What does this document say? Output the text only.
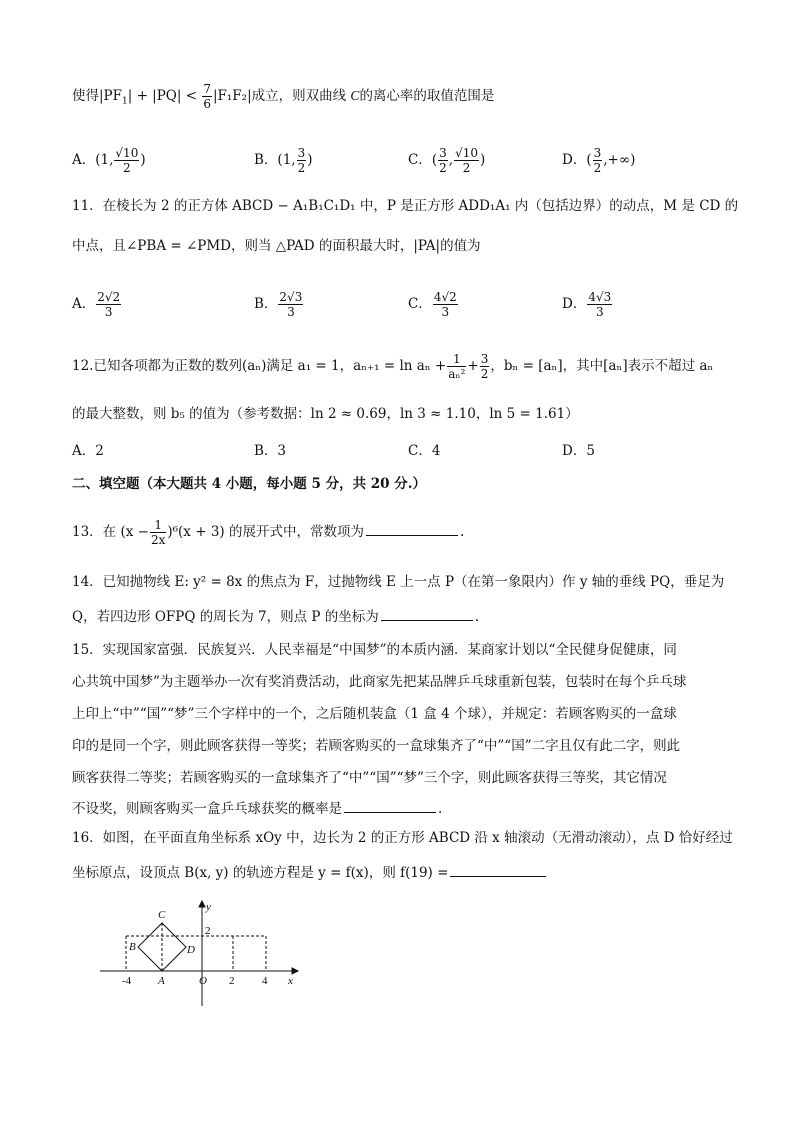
使得$|PF_1| + |PQ| < \frac{7}{6} |F_1F_2|$成立，则双曲线 C的离心率的取值范围是
A．(1, $\frac{√10}{2}$ )	B．(1, $\frac{3}{2}$ )	C．( $\frac{3}{2}$ , $\frac{√10}{2}$ )	D．( $\frac{3}{2}$ ,+∞)
11．在棱长为 2 的正方体 ABCD − A₁B₁C₁D₁ 中，P 是正方形 ADD₁A₁ 内（包括边界）的动点，M 是 CD 的
中点，且∠PBA = ∠PMD，则当 △PAD 的面积最大时，|PA|的值为
A． $\frac{2√2}{3}$	B． $\frac{2√3}{3}$	C． $\frac{4√2}{3}$	D． $\frac{4√3}{3}$
12.已知各项都为正数的数列(aₙ)满足 a₁ = 1，$a_{n+1} = \ln a_n + \frac{1}{\text{aₙ²}} + \frac{3}{2}$ ，bₙ = [aₙ]，其中[aₙ]表示不超过 aₙ
的最大整数，则 b₅ 的值为（参考数据：ln 2 ≈ 0.69，ln 3 ≈ 1.10，ln 5 = 1.61）
A．2	B．3	C．4	D．5
二、填空题（本大题共 4 小题，每小题 5 分，共 20 分.）
13．在 $(x - \frac{1}{2x} )^6(x + 3)$ 的展开式中，常数项为	.
14．已知抛物线 E: y² = 8x 的焦点为 F，过抛物线 E 上一点 P（在第一象限内）作 y 轴的垂线 PQ，垂足为
Q，若四边形 OFPQ 的周长为 7，则点 P 的坐标为	.
15．实现国家富强．民族复兴．人民幸福是“中国梦”的本质内涵．某商家计划以“全民健身促健康，同
心共筑中国梦”为主题举办一次有奖消费活动，此商家先把某品牌乒乓球重新包装，包装时在每个乒乓球
上印上“中”“国”“梦”三个字样中的一个，之后随机装盒（1 盒 4 个球），并规定：若顾客购买的一盒球
印的是同一个字，则此顾客获得一等奖；若顾客购买的一盒球集齐了“中”“国”二字且仅有此二字，则此
顾客获得二等奖；若顾客购买的一盒球集齐了“中”“国”“梦”三个字，则此顾客获得三等奖，其它情况
不设奖，则顾客购买一盒乒乓球获奖的概率是	.
16．如图，在平面直角坐标系 xOy 中，边长为 2 的正方形 ABCD 沿 x 轴滚动（无滑动滚动），点 D 恰好经过
坐标原点，设顶点 B(x, y) 的轨迹方程是 y = f(x)，则 f(19) =
y
x
O
A
B
C
D
-4	2	4
2
